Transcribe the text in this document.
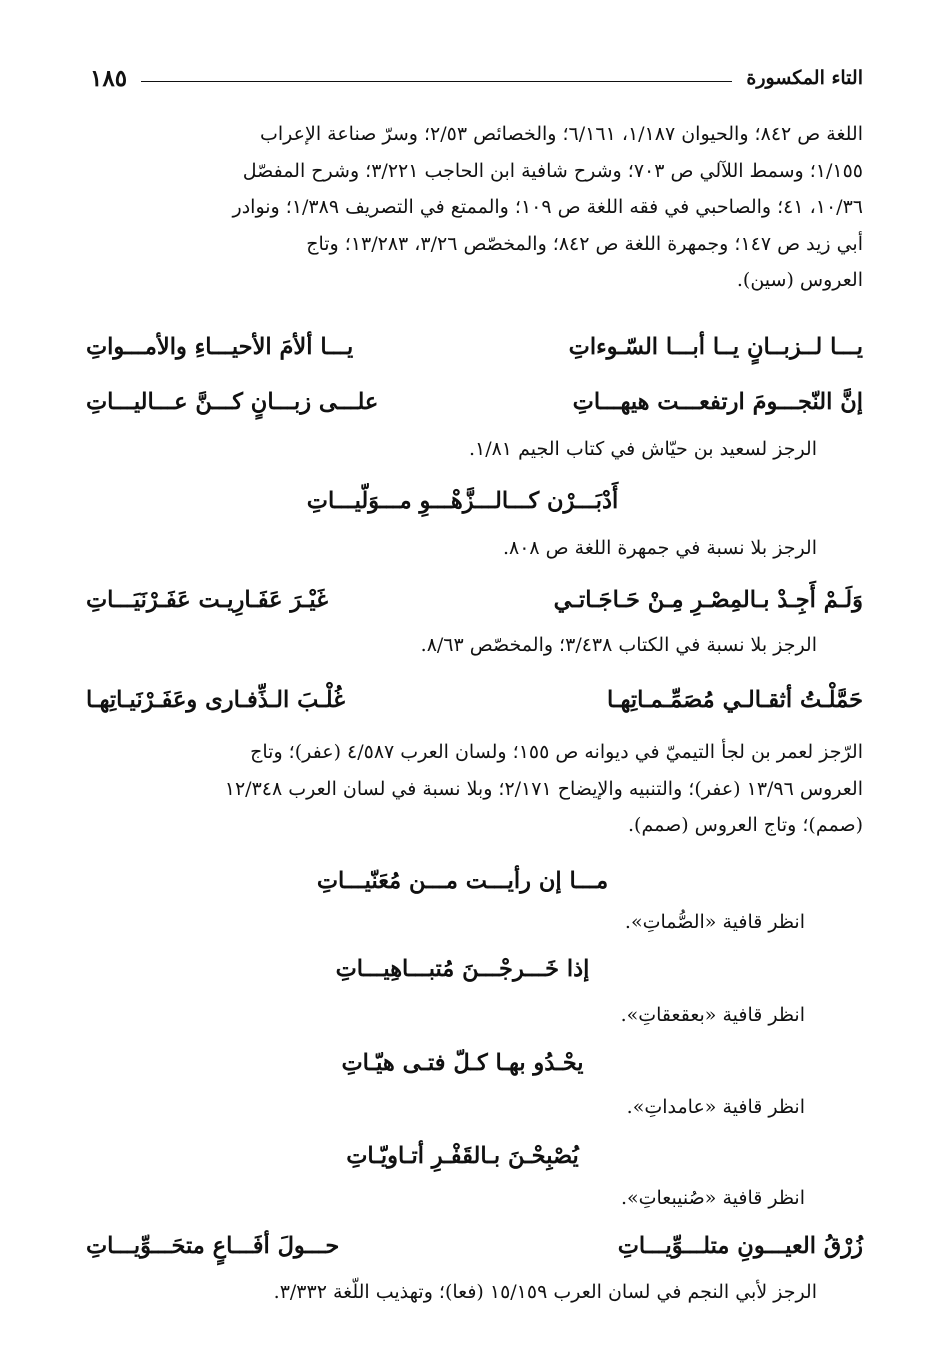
التاء المكسورة
١٨٥
اللغة ص ٨٤٢؛ والحيوان ١/١٨٧، ٦/١٦١؛ والخصائص ٢/٥٣؛ وسرّ صناعة الإعراب
١/١٥٥؛ وسمط اللآلي ص ٧٠٣؛ وشرح شافية ابن الحاجب ٣/٢٢١؛ وشرح المفصّل
١٠/٣٦، ٤١؛ والصاحبي في فقه اللغة ص ١٠٩؛ والممتع في التصريف ١/٣٨٩؛ ونوادر
أبي زيد ص ١٤٧؛ وجمهرة اللغة ص ٨٤٢؛ والمخصّص ٣/٢٦، ١٣/٢٨٣؛ وتاج
العروس (سين).
يـــا لــزبــانٍ يــا أبـــا السّـوءاتِ
يـــا ألأمَ الأحيـــاءِ والأمـــواتِ
إنَّ النّجـــومَ ارتفعـــت هيهـــاتِ
علـــى زبـــانٍ كـــنَّ عـــاليـــاتِ
الرجز لسعيد بن حيّاش في كتاب الجيم ١/٨١.
أَدْبَـــرْن كـــالـــزَّهْـــوِ مـــوَلّيـــاتِ
الرجز بلا نسبة في جمهرة اللغة ص ٨٠٨.
وَلَـمْ أَجِـدْ بـالمِصْـرِ مِـنْ حَـاجَـاتـي
غَيْـرَ عَفَـارِيـت عَفَـرْنَيَـــاتِ
الرجز بلا نسبة في الكتاب ٣/٤٣٨؛ والمخصّص ٨/٦٣.
حَمَّلْـتُ أثقـالـي مُصَمِّـمـاتِهـا
غُلْـبَ الـذِّفـارى وعَفَـرْنَيـاتِهـا
الرّجز لعمر بن لجأ التيميّ في ديوانه ص ١٥٥؛ ولسان العرب ٤/٥٨٧ (عفر)؛ وتاج
العروس ١٣/٩٦ (عفر)؛ والتنبيه والإيضاح ٢/١٧١؛ وبلا نسبة في لسان العرب ١٢/٣٤٨
(صمم)؛ وتاج العروس (صمم).
مـــا إن رأيـــت مـــن مُعَنّيـــاتِ
انظر قافية «الصُّماتِ».
إذا خَـــرجْـــنَ مُتبـــاهِيـــاتِ
انظر قافية «بعقعقاتِ».
يحْـدُو بهـا كـلّ فتـى هيّـاتِ
انظر قافية «عامداتِ».
يُصْبِحْـنَ بـالقَفْـرِ أتـاويّـاتِ
انظر قافية «صُنيبعاتِ».
زُرْقُ العيـــونِ متلـــوِّيـــاتِ
حـــولَ أفَـــاعٍ متحَـــوِّيـــاتِ
الرجز لأبي النجم في لسان العرب ١٥/١٥٩ (فعا)؛ وتهذيب اللّغة ٣/٣٣٢.
